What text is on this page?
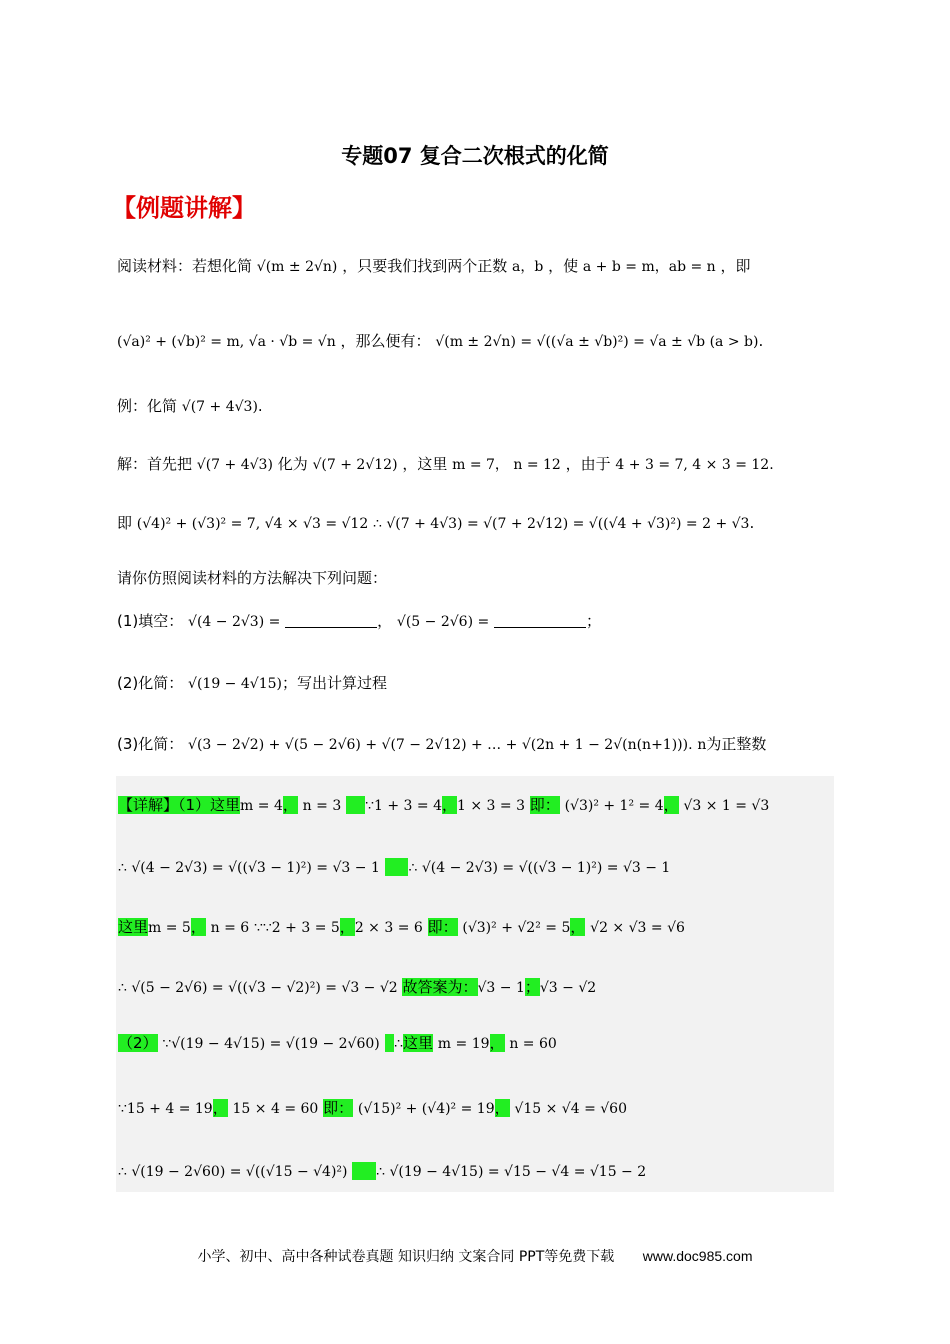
专题07 复合二次根式的化简
【例题讲解】
阅读材料：若想化简 √(m ± 2√n) ，只要我们找到两个正数 a，b ，使 a + b = m，ab = n ，即
(√a)² + (√b)² = m, √a · √b = √n ，那么便有： √(m ± 2√n) = √((√a ± √b)²) = √a ± √b (a > b).
例：化简 √(7 + 4√3).
解：首先把 √(7 + 4√3) 化为 √(7 + 2√12) ，这里 m = 7， n = 12 ，由于 4 + 3 = 7, 4 × 3 = 12.
即 (√4)² + (√3)² = 7, √4 × √3 = √12 ∴ √(7 + 4√3) = √(7 + 2√12) = √((√4 + √3)²) = 2 + √3.
请你仿照阅读材料的方法解决下列问题：
(1)填空： √(4 − 2√3) =	， √(5 − 2√6) =	；
(2)化简： √(19 − 4√15)；写出计算过程
(3)化简： √(3 − 2√2) + √(5 − 2√6) + √(7 − 2√12) + … + √(2n + 1 − 2√(n(n+1))). n为正整数
【详解】（1）这里m = 4， n = 3 ∵1 + 3 = 4，1 × 3 = 3 即： (√3)² + 1² = 4， √3 × 1 = √3
∴ √(4 − 2√3) = √((√3 − 1)²) = √3 − 1 ∴ √(4 − 2√3) = √((√3 − 1)²) = √3 − 1
这里m = 5， n = 6 ∵∵2 + 3 = 5，2 × 3 = 6 即： (√3)² + √2² = 5， √2 × √3 = √6
∴ √(5 − 2√6) = √((√3 − √2)²) = √3 − √2 故答案为：√3 − 1；√3 − √2
（2） ∵√(19 − 4√15) = √(19 − 2√60) ∴这里 m = 19， n = 60
∵15 + 4 = 19， 15 × 4 = 60 即： (√15)² + (√4)² = 19， √15 × √4 = √60
∴ √(19 − 2√60) = √((√15 − √4)²) ∴ √(19 − 4√15) = √15 − √4 = √15 − 2
小学、初中、高中各种试卷真题 知识归纳 文案合同 PPT等免费下载 www.doc985.com
